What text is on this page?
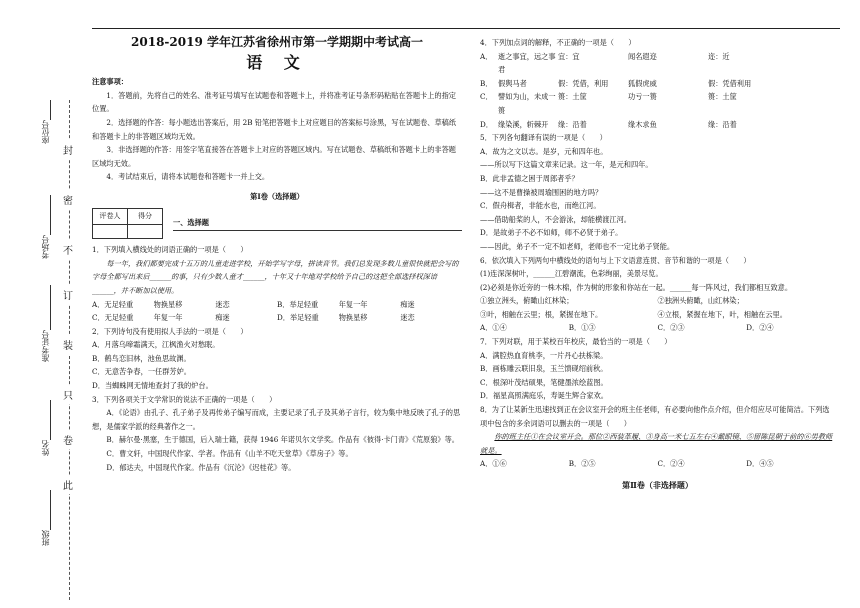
封
密
不
订
装
只
卷
此
座位号
考场号
准考证号
姓名
班级
2018-2019 学年江苏省徐州市第一学期期中考试高一
语 文

注意事项：

1．答题前，先将自己的姓名、准考证号填写在试题卷和答题卡上，并将准考证号条形码粘贴在答题卡上的指定位置。

2．选择题的作答：每小题选出答案后，用 2B 铅笔把答题卡上对应题目的答案标号涂黑，写在试题卷、草稿纸和答题卡上的非答题区域均无效。

3．非选择题的作答：用签字笔直接答在答题卡上对应的答题区域内。写在试题卷、草稿纸和答题卡上的非答题区域均无效。

4．考试结束后，请将本试题卷和答题卡一并上交。

第Ⅰ卷（选择题）

评卷人	得分

一、选择题

1．下列填入横线处的词语正确的一项是（　　）

每一年，我们都要完成十五万的儿童走进学校，开始学写字母，拼读音节。我们总发现多数儿童很快就把会写的字母全都写出来后______的事，只有少数人童才______，十年又十年地对学校给予自己的这把全部选择权深谙______，并不断加以使用。

A．无足轻重	物换星移	迷恋	B．举足轻重	年复一年	痴迷
C．无足轻重	年复一年	痴迷	D．举足轻重	物换星移	迷恋

2．下列诗句没有使用拟人手法的一项是（　　）

A．月落乌啼霜满天，江枫渔火对愁眠。

B．鹤鸟恋旧林，池鱼思故渊。

C．无意苦争春，一任群芳妒。

D．当蜘蛛网无情地查封了我的炉台。

3．下列各项关于文学常识的说法不正确的一项是（　　）

A．《论语》由孔子、孔子弟子及再传弟子编写而成，主要记录了孔子及其弟子言行，较为集中地反映了孔子的思想，是儒家学派的经典著作之一。

B．赫尔曼·黑塞，生于德国，后入瑞士籍，获得 1946 年诺贝尔文学奖。作品有《彼得·卡门青》《荒原狼》等。

C．曹文轩，中国现代作家、学者。作品有《山羊不吃天堂草》《草房子》等。

D．郁达夫，中国现代作家。作品有《沉沦》《迟桂花》等。

4．下列加点词的解释，不正确的一项是（　　）

A． 逝之事宜，远之事君
宜：宜	闻名遐迩	迩：近
B． 假舆马者	假：凭借，利用	狐假虎威	假：凭借利用
C． 譬如为山，未成一篑
篑：土筐	功亏一篑	篑：土筐
D． 缘染溪，斩棘开	缘：沿着	缘木求鱼	缘：沿着

5．下列各句翻译有误的一项是（　　）

A．故为之文以志。是岁，元和四年也。

——所以写下这篇文章来记录。这一年，是元和四年。

B．此非孟德之困于周郎者乎？

——这不是曹操被周瑜围困的地方吗？

C．假舟楫者，非能水也，而绝江河。

——借助船桨的人，不会游泳，却能横渡江河。

D．是故弟子不必不如师，师不必贤于弟子。

——因此，弟子不一定不如老师，老师也不一定比弟子贤能。

6．依次填入下列两句中横线处的语句与上下文语意连贯、音节和谐的一项是（　　）

(1)连深深树叶，______江碧潮流，色彩绚丽，美景尽览。

(2)必须是你近旁的一株木棉，作为树的形象和你站在一起。______每一阵风过，我们都相互致意。

①独立洲头，俯瞰山红林染；	②独洲头俯瞰，山红林染；
③叶，相触在云里；根，紧握在地下。	④立根，紧握在地下，叶，相触在云里。
A．①④	B．①③	C．②③	D．②④

7．下列对联，用于某校百年校庆，最恰当的一项是（　　）

A．满腔热血育桃李，一片丹心扶栋梁。

B．画栋雕云联旧泉，玉兰馈砚绍前秋。

C．根深叶茂结硕果，笔健墨浓绘蓝图。

D．福星高照满庭乐，寿诞生辉合家欢。

8．为了让某新生迅速找到正在会议室开会的班主任老师，有必要向他作点介绍，但介绍应尽可能简洁。下列选项中包含的多余词语可以删去的一项是（　　）

你的班主任①在会议室开会。那位②西装革履、③身高一米七五左右④戴眼镜、⑤留陈昆朝于前的⑥男教师就是。

A．①⑥	B．②⑤	C．②④	D．④⑤
第Ⅱ卷（非选择题）
